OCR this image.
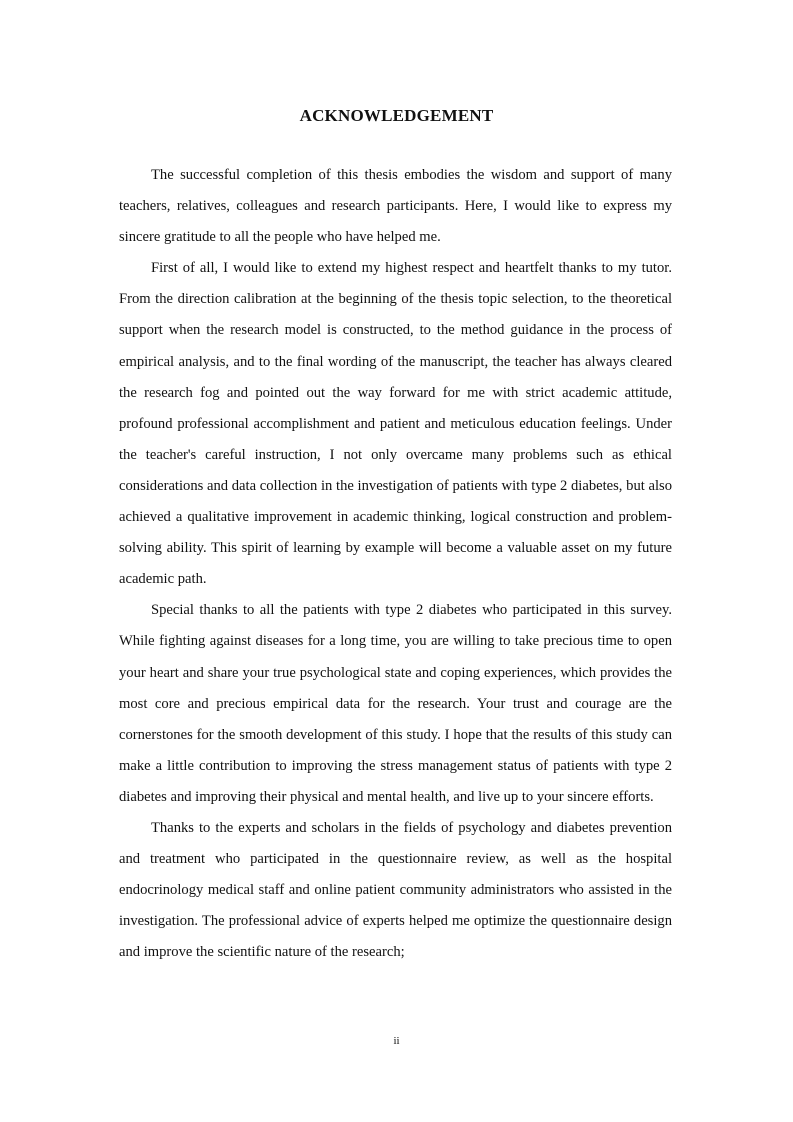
ACKNOWLEDGEMENT

The successful completion of this thesis embodies the wisdom and support of many teachers, relatives, colleagues and research participants. Here, I would like to express my sincere gratitude to all the people who have helped me.

First of all, I would like to extend my highest respect and heartfelt thanks to my tutor. From the direction calibration at the beginning of the thesis topic selection, to the theoretical support when the research model is constructed, to the method guidance in the process of empirical analysis, and to the final wording of the manuscript, the teacher has always cleared the research fog and pointed out the way forward for me with strict academic attitude, profound professional accomplishment and patient and meticulous education feelings. Under the teacher's careful instruction, I not only overcame many problems such as ethical considerations and data collection in the investigation of patients with type 2 diabetes, but also achieved a qualitative improvement in academic thinking, logical construction and problem-solving ability. This spirit of learning by example will become a valuable asset on my future academic path.

Special thanks to all the patients with type 2 diabetes who participated in this survey. While fighting against diseases for a long time, you are willing to take precious time to open your heart and share your true psychological state and coping experiences, which provides the most core and precious empirical data for the research. Your trust and courage are the cornerstones for the smooth development of this study. I hope that the results of this study can make a little contribution to improving the stress management status of patients with type 2 diabetes and improving their physical and mental health, and live up to your sincere efforts.

Thanks to the experts and scholars in the fields of psychology and diabetes prevention and treatment who participated in the questionnaire review, as well as the hospital endocrinology medical staff and online patient community administrators who assisted in the investigation. The professional advice of experts helped me optimize the questionnaire design and improve the scientific nature of the research;

ii
